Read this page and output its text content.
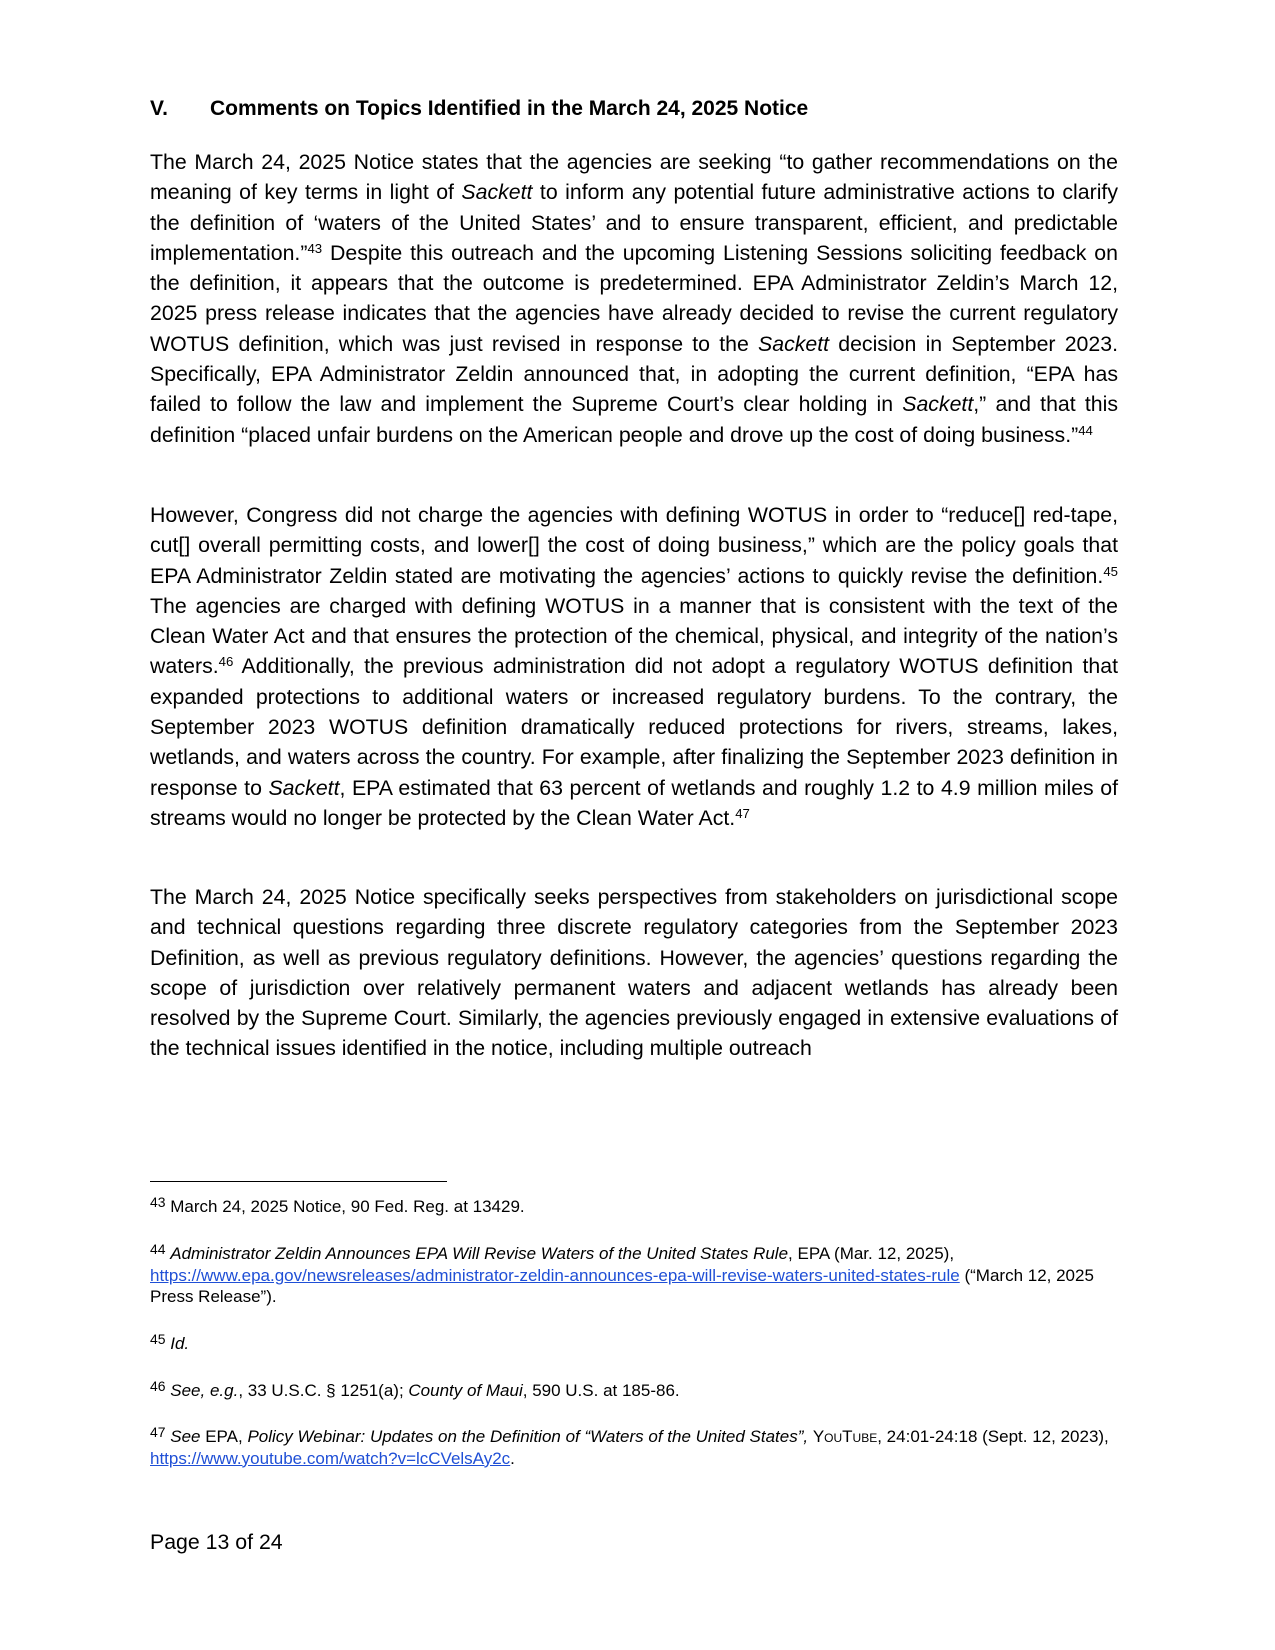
V. Comments on Topics Identified in the March 24, 2025 Notice

The March 24, 2025 Notice states that the agencies are seeking “to gather recommendations on the meaning of key terms in light of Sackett to inform any potential future administrative actions to clarify the definition of ‘waters of the United States’ and to ensure transparent, efficient, and predictable implementation.”$^{43}$ Despite this outreach and the upcoming Listening Sessions soliciting feedback on the definition, it appears that the outcome is predetermined. EPA Administrator Zeldin’s March 12, 2025 press release indicates that the agencies have already decided to revise the current regulatory WOTUS definition, which was just revised in response to the Sackett decision in September 2023. Specifically, EPA Administrator Zeldin announced that, in adopting the current definition, “EPA has failed to follow the law and implement the Supreme Court’s clear holding in Sackett,” and that this definition “placed unfair burdens on the American people and drove up the cost of doing business.”$^{44}$

However, Congress did not charge the agencies with defining WOTUS in order to “reduce[] red-tape, cut[] overall permitting costs, and lower[] the cost of doing business,” which are the policy goals that EPA Administrator Zeldin stated are motivating the agencies’ actions to quickly revise the definition.$^{45}$ The agencies are charged with defining WOTUS in a manner that is consistent with the text of the Clean Water Act and that ensures the protection of the chemical, physical, and integrity of the nation’s waters.$^{46}$ Additionally, the previous administration did not adopt a regulatory WOTUS definition that expanded protections to additional waters or increased regulatory burdens. To the contrary, the September 2023 WOTUS definition dramatically reduced protections for rivers, streams, lakes, wetlands, and waters across the country. For example, after finalizing the September 2023 definition in response to Sackett, EPA estimated that 63 percent of wetlands and roughly 1.2 to 4.9 million miles of streams would no longer be protected by the Clean Water Act.$^{47}$

The March 24, 2025 Notice specifically seeks perspectives from stakeholders on jurisdictional scope and technical questions regarding three discrete regulatory categories from the September 2023 Definition, as well as previous regulatory definitions. However, the agencies’ questions regarding the scope of jurisdiction over relatively permanent waters and adjacent wetlands has already been resolved by the Supreme Court. Similarly, the agencies previously engaged in extensive evaluations of the technical issues identified in the notice, including multiple outreach

$^{43}$ March 24, 2025 Notice, 90 Fed. Reg. at 13429.

$^{44}$ Administrator Zeldin Announces EPA Will Revise Waters of the United States Rule, EPA (Mar. 12, 2025), https://www.epa.gov/newsreleases/administrator-zeldin-announces-epa-will-revise-waters-united-states-rule (“March 12, 2025 Press Release”).

$^{45}$ Id.

$^{46}$ See, e.g., 33 U.S.C. § 1251(a); County of Maui, 590 U.S. at 185-86.

$^{47}$ See EPA, Policy Webinar: Updates on the Definition of “Waters of the United States”, YouTube, 24:01-24:18 (Sept. 12, 2023), https://www.youtube.com/watch?v=lcCVelsAy2c.

Page 13 of 24
